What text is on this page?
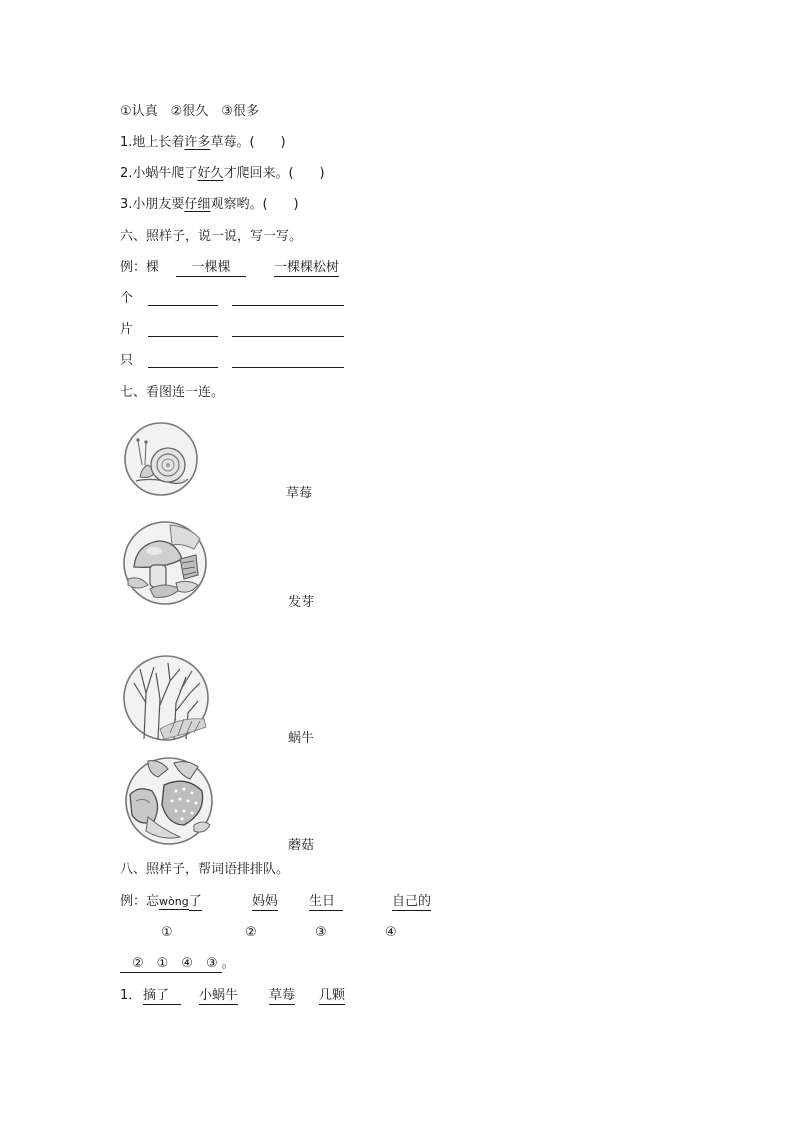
①认真　②很久　③很多
1.地上长着许多草莓。(　　)
2.小蜗牛爬了好久才爬回来。(　　)
3.小朋友要仔细观察哟。(　　)
六、照样子，说一说，写一写。
例：棵	一棵棵	一棵棵松树
个
片
只
七、看图连一连。
草莓
发芽
蜗牛
蘑菇
八、照样子，帮词语排排队。
例：忘wòng了	妈妈 生日	自己的
①	②	③	④
②　①　④　③ 。
1． 摘了	小蜗牛 草莓 几颗
